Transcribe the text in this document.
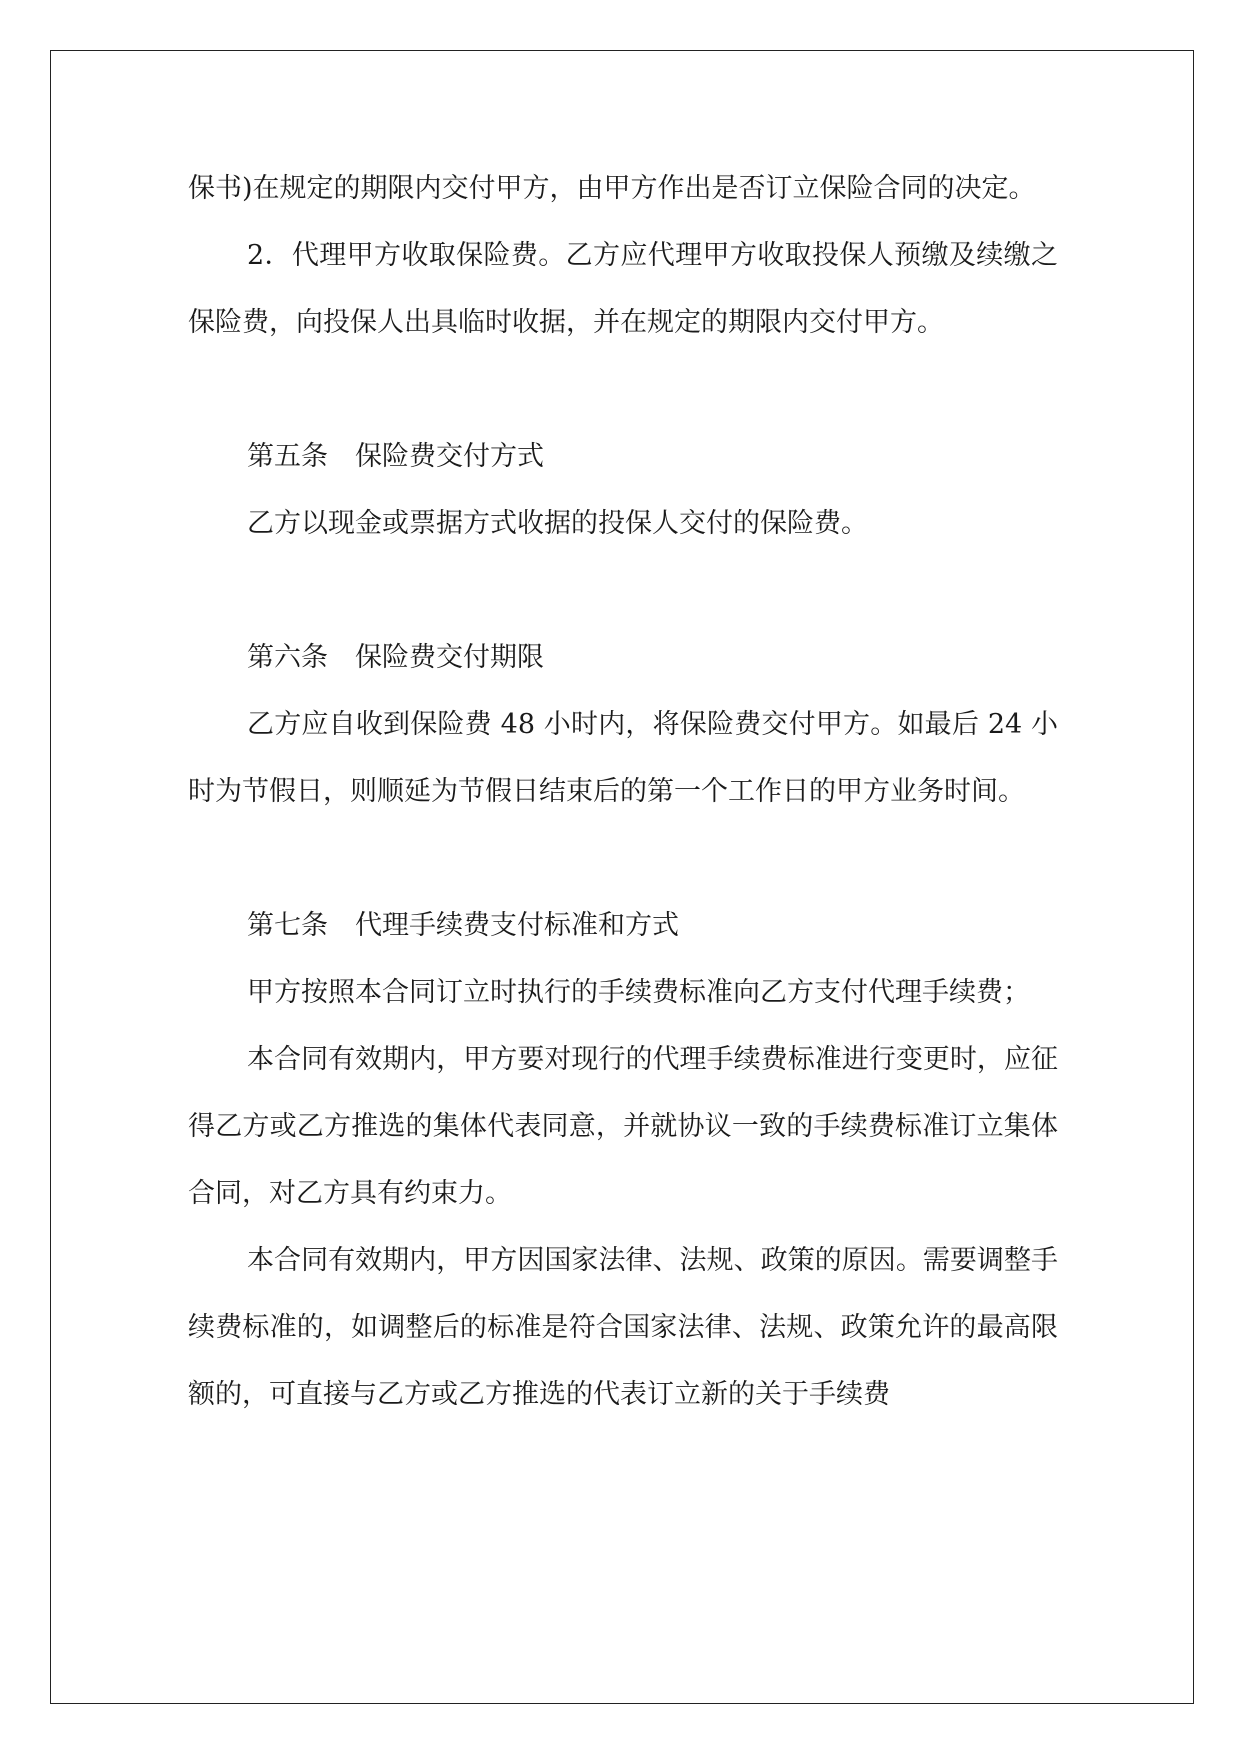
保书)在规定的期限内交付甲方，由甲方作出是否订立保险合同的决定。

2．代理甲方收取保险费。乙方应代理甲方收取投保人预缴及续缴之保险费，向投保人出具临时收据，并在规定的期限内交付甲方。

第五条　保险费交付方式

乙方以现金或票据方式收据的投保人交付的保险费。

第六条　保险费交付期限

乙方应自收到保险费 48 小时内，将保险费交付甲方。如最后 24 小时为节假日，则顺延为节假日结束后的第一个工作日的甲方业务时间。

第七条　代理手续费支付标准和方式

甲方按照本合同订立时执行的手续费标准向乙方支付代理手续费；

本合同有效期内，甲方要对现行的代理手续费标准进行变更时，应征得乙方或乙方推选的集体代表同意，并就协议一致的手续费标准订立集体合同，对乙方具有约束力。

本合同有效期内，甲方因国家法律、法规、政策的原因。需要调整手续费标准的，如调整后的标准是符合国家法律、法规、政策允许的最高限额的，可直接与乙方或乙方推选的代表订立新的关于手续费
